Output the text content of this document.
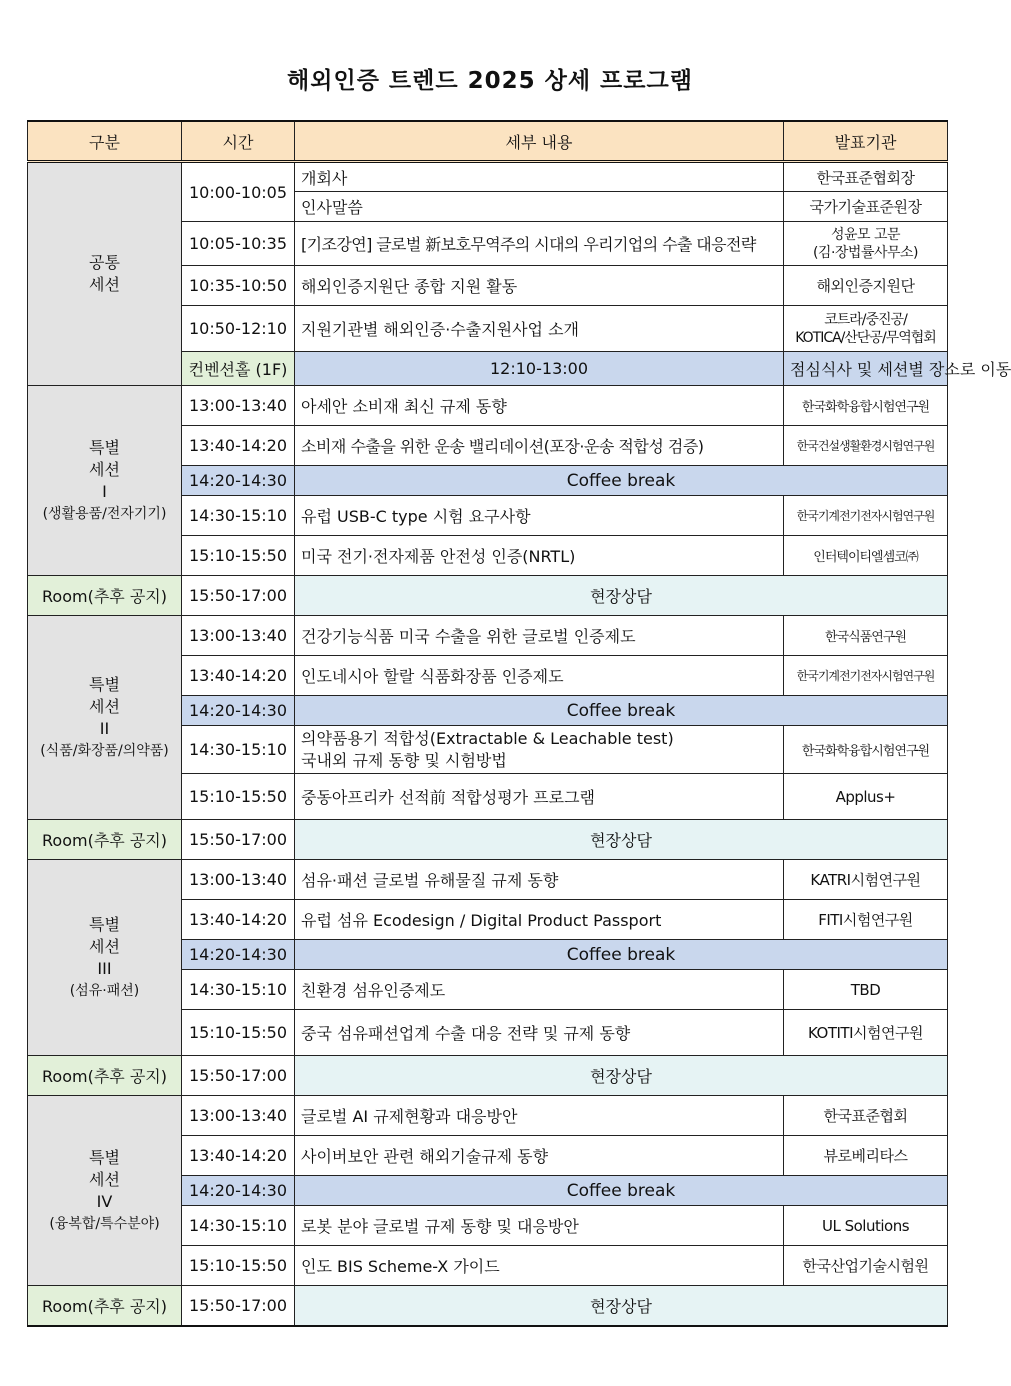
해외인증 트렌드 2025 상세 프로그램
구분	시간	세부 내용	발표기관

공통
세션	10:00-10:05	개회사	한국표준협회장
		인사말씀	국가기술표준원장
	10:05-10:35	[기조강연] 글로벌 新보호무역주의 시대의 우리기업의 수출 대응전략	성윤모 고문
(김·장법률사무소)

	10:35-10:50	해외인증지원단 종합 지원 활동	해외인증지원단
	10:50-12:10	지원기관별 해외인증·수출지원사업 소개	코트라/중진공/
KOTICA/산단공/무역협회

	컨벤션홀 (1F)	12:10-13:00	점심식사 및 세션별 장소로 이동

특별
세션
I
(생활용품/전자기기)	13:00-13:40	아세안 소비재 최신 규제 동향	한국화학융합시험연구원
	13:40-14:20	소비재 수출을 위한 운송 밸리데이션(포장·운송 적합성 검증)	한국건설생활환경시험연구원
	14:20-14:30	Coffee break	
	14:30-15:10	유럽 USB-C type 시험 요구사항	한국기계전기전자시험연구원
	15:10-15:50	미국 전기·전자제품 안전성 인증(NRTL)	인터텍이티엘셈코㈜
Room(추후 공지)	15:50-17:00	현장상담	

특별
세션
II
(식품/화장품/의약품)	13:00-13:40	건강기능식품 미국 수출을 위한 글로벌 인증제도	한국식품연구원
	13:40-14:20	인도네시아 할랄 식품화장품 인증제도	한국기계전기전자시험연구원
	14:20-14:30	Coffee break	
	14:30-15:10	의약품용기 적합성(Extractable & Leachable test)
국내외 규제 동향 및 시험방법	한국화학융합시험연구원
	15:10-15:50	중동아프리카 선적前 적합성평가 프로그램	Applus+
Room(추후 공지)	15:50-17:00	현장상담	

특별
세션
III
(섬유·패션)	13:00-13:40	섬유·패션 글로벌 유해물질 규제 동향	KATRI시험연구원
	13:40-14:20	유럽 섬유 Ecodesign / Digital Product Passport	FITI시험연구원
	14:20-14:30	Coffee break	
	14:30-15:10	친환경 섬유인증제도	TBD
	15:10-15:50	중국 섬유패션업계 수출 대응 전략 및 규제 동향	KOTITI시험연구원
Room(추후 공지)	15:50-17:00	현장상담	

특별
세션
IV
(융복합/특수분야)	13:00-13:40	글로벌 AI 규제현황과 대응방안	한국표준협회
	13:40-14:20	사이버보안 관련 해외기술규제 동향	뷰로베리타스
	14:20-14:30	Coffee break	
	14:30-15:10	로봇 분야 글로벌 규제 동향 및 대응방안	UL Solutions
	15:10-15:50	인도 BIS Scheme-X 가이드	한국산업기술시험원
Room(추후 공지)	15:50-17:00	현장상담	
